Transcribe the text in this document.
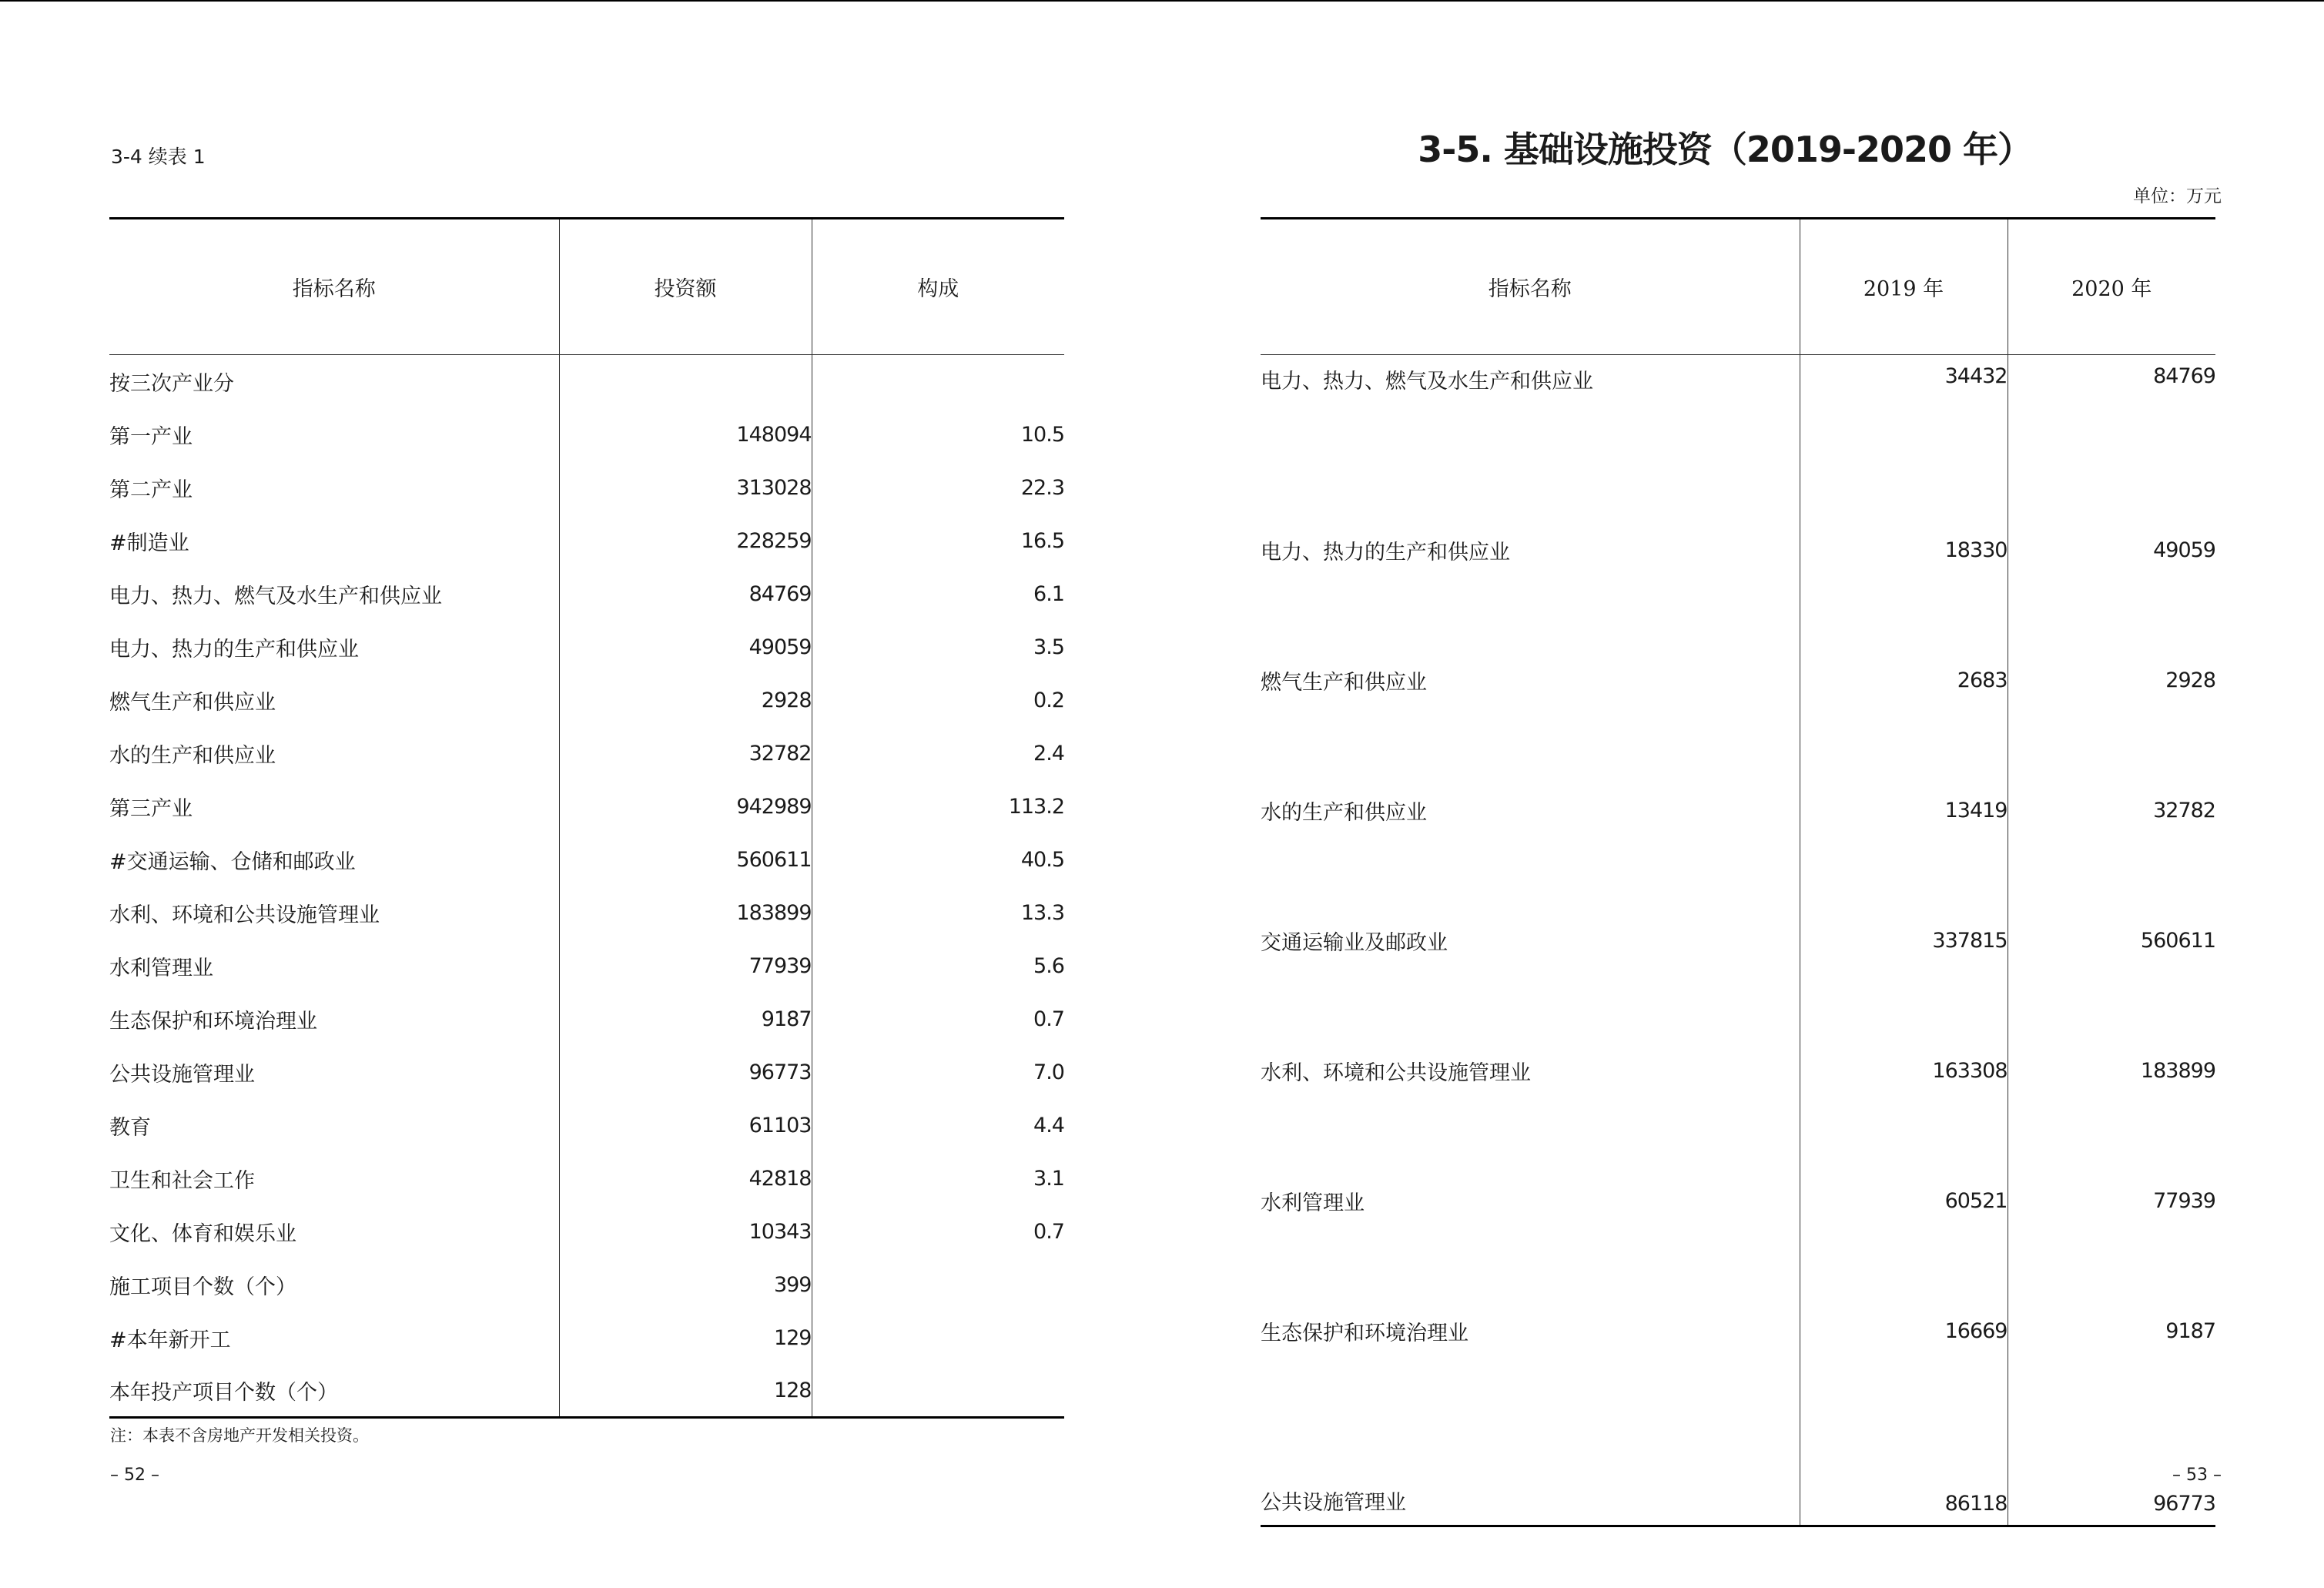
3-4 续表 1
指标名称	投资额	构成
按三次产业分		
第一产业	148094	10.5
第二产业	313028	22.3
#制造业	228259	16.5
电力、热力、燃气及水生产和供应业	84769	6.1
电力、热力的生产和供应业	49059	3.5
燃气生产和供应业	2928	0.2
水的生产和供应业	32782	2.4
第三产业	942989	113.2
#交通运输、仓储和邮政业	560611	40.5
水利、环境和公共设施管理业	183899	13.3
水利管理业	77939	5.6
生态保护和环境治理业	9187	0.7
公共设施管理业	96773	7.0
教育	61103	4.4
卫生和社会工作	42818	3.1
文化、体育和娱乐业	10343	0.7
施工项目个数（个）	399	
#本年新开工	129	
本年投产项目个数（个）	128	
注：本表不含房地产开发相关投资。
– 52 –
3-5. 基础设施投资（2019-2020 年）
单位：万元
指标名称	2019 年	2020 年
电力、热力、燃气及水生产和供应业	34432	84769
电力、热力的生产和供应业	18330	49059
燃气生产和供应业	2683	2928
水的生产和供应业	13419	32782
交通运输业及邮政业	337815	560611
水利、环境和公共设施管理业	163308	183899
水利管理业	60521	77939
生态保护和环境治理业	16669	9187
公共设施管理业	86118	96773
– 53 –
